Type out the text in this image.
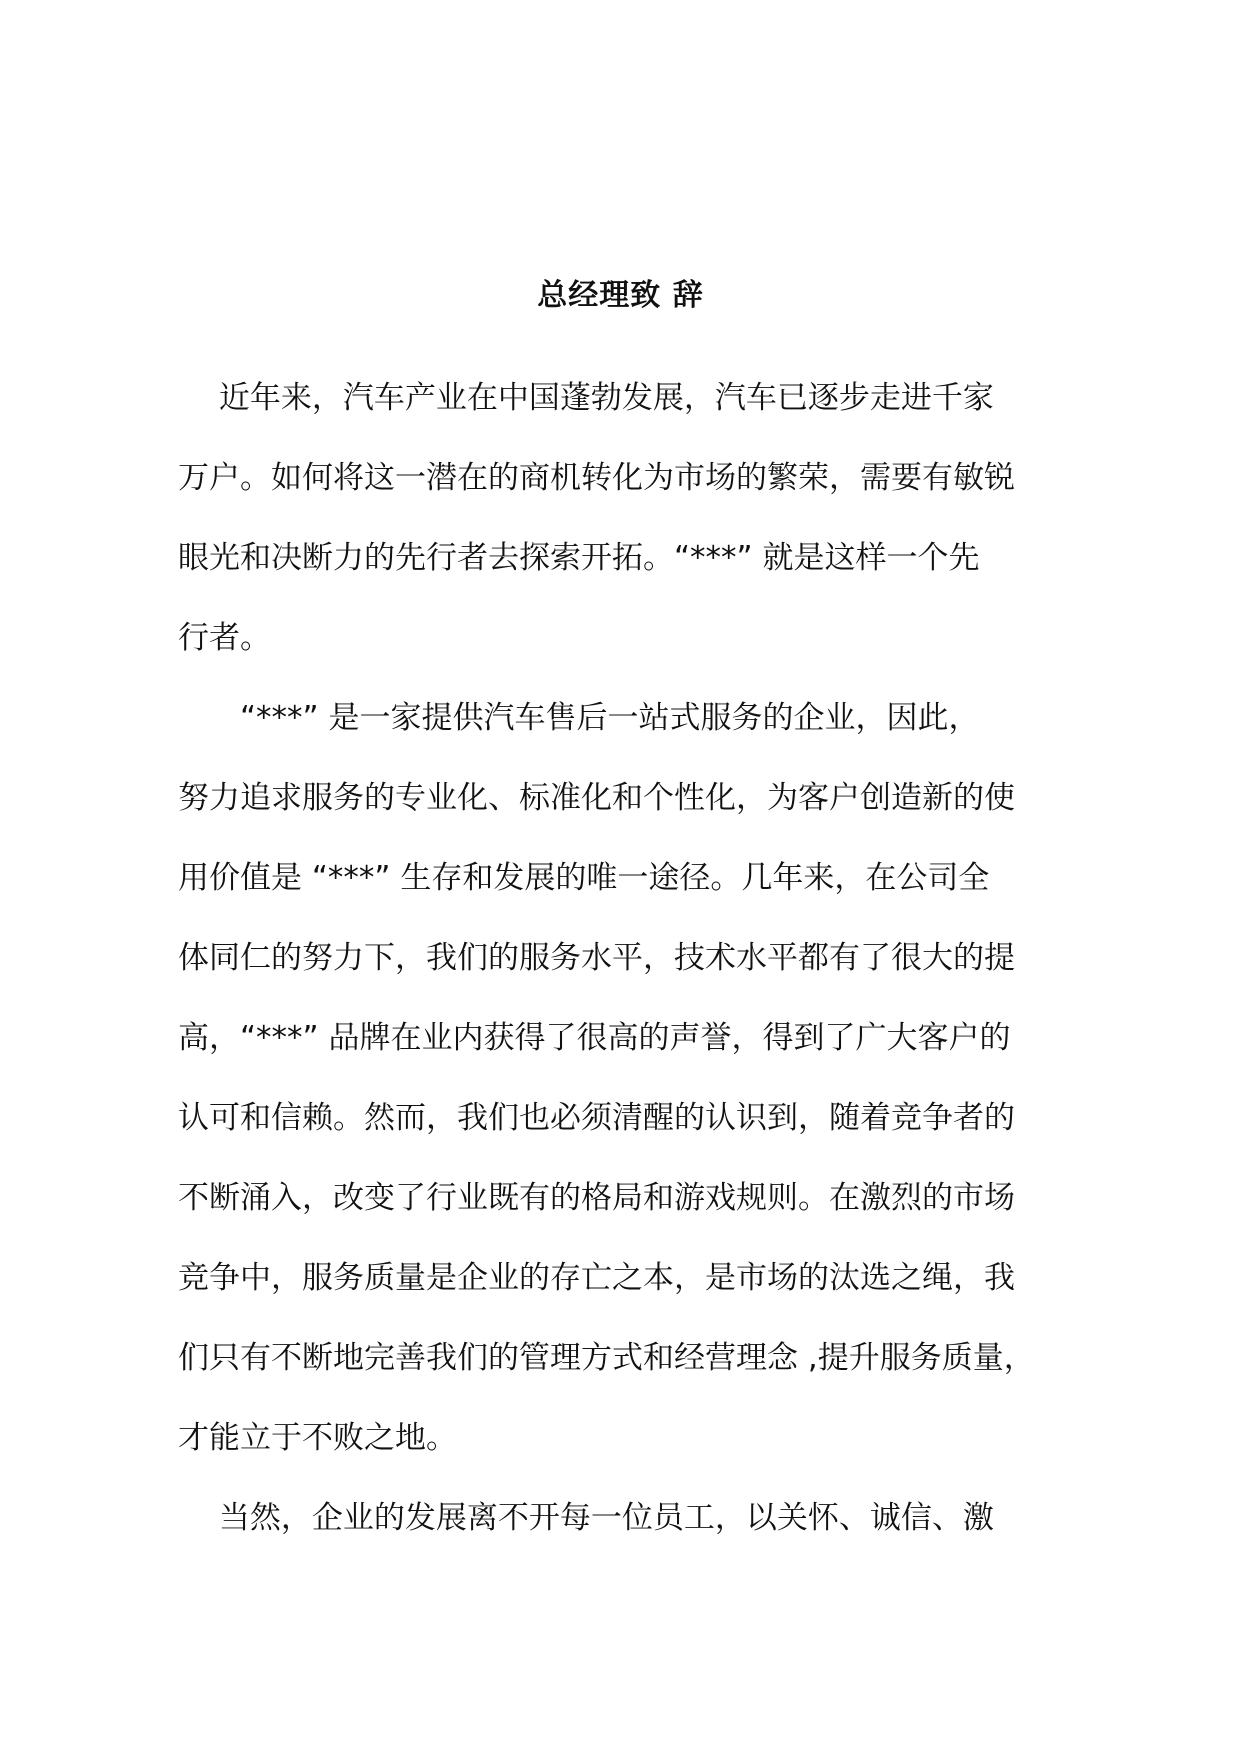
总经理致 辞
　 近年来，汽车产业在中国蓬勃发展，汽车已逐步走进千家
万户。如何将这一潜在的商机转化为市场的繁荣，需要有敏锐
眼光和决断力的先行者去探索开拓。“***” 就是这样一个先
行者。
　　“***” 是一家提供汽车售后一站式服务的企业，因此，
努力追求服务的专业化、标准化和个性化，为客户创造新的使
用价值是 “***” 生存和发展的唯一途径。几年来，在公司全
体同仁的努力下，我们的服务水平，技术水平都有了很大的提
高，“***” 品牌在业内获得了很高的声誉，得到了广大客户的
认可和信赖。然而，我们也必须清醒的认识到，随着竞争者的
不断涌入，改变了行业既有的格局和游戏规则。在激烈的市场
竞争中，服务质量是企业的存亡之本，是市场的汰选之绳，我
们只有不断地完善我们的管理方式和经营理念 ,提升服务质量，
才能立于不败之地。
　 当然，企业的发展离不开每一位员工，以关怀、诚信、激
